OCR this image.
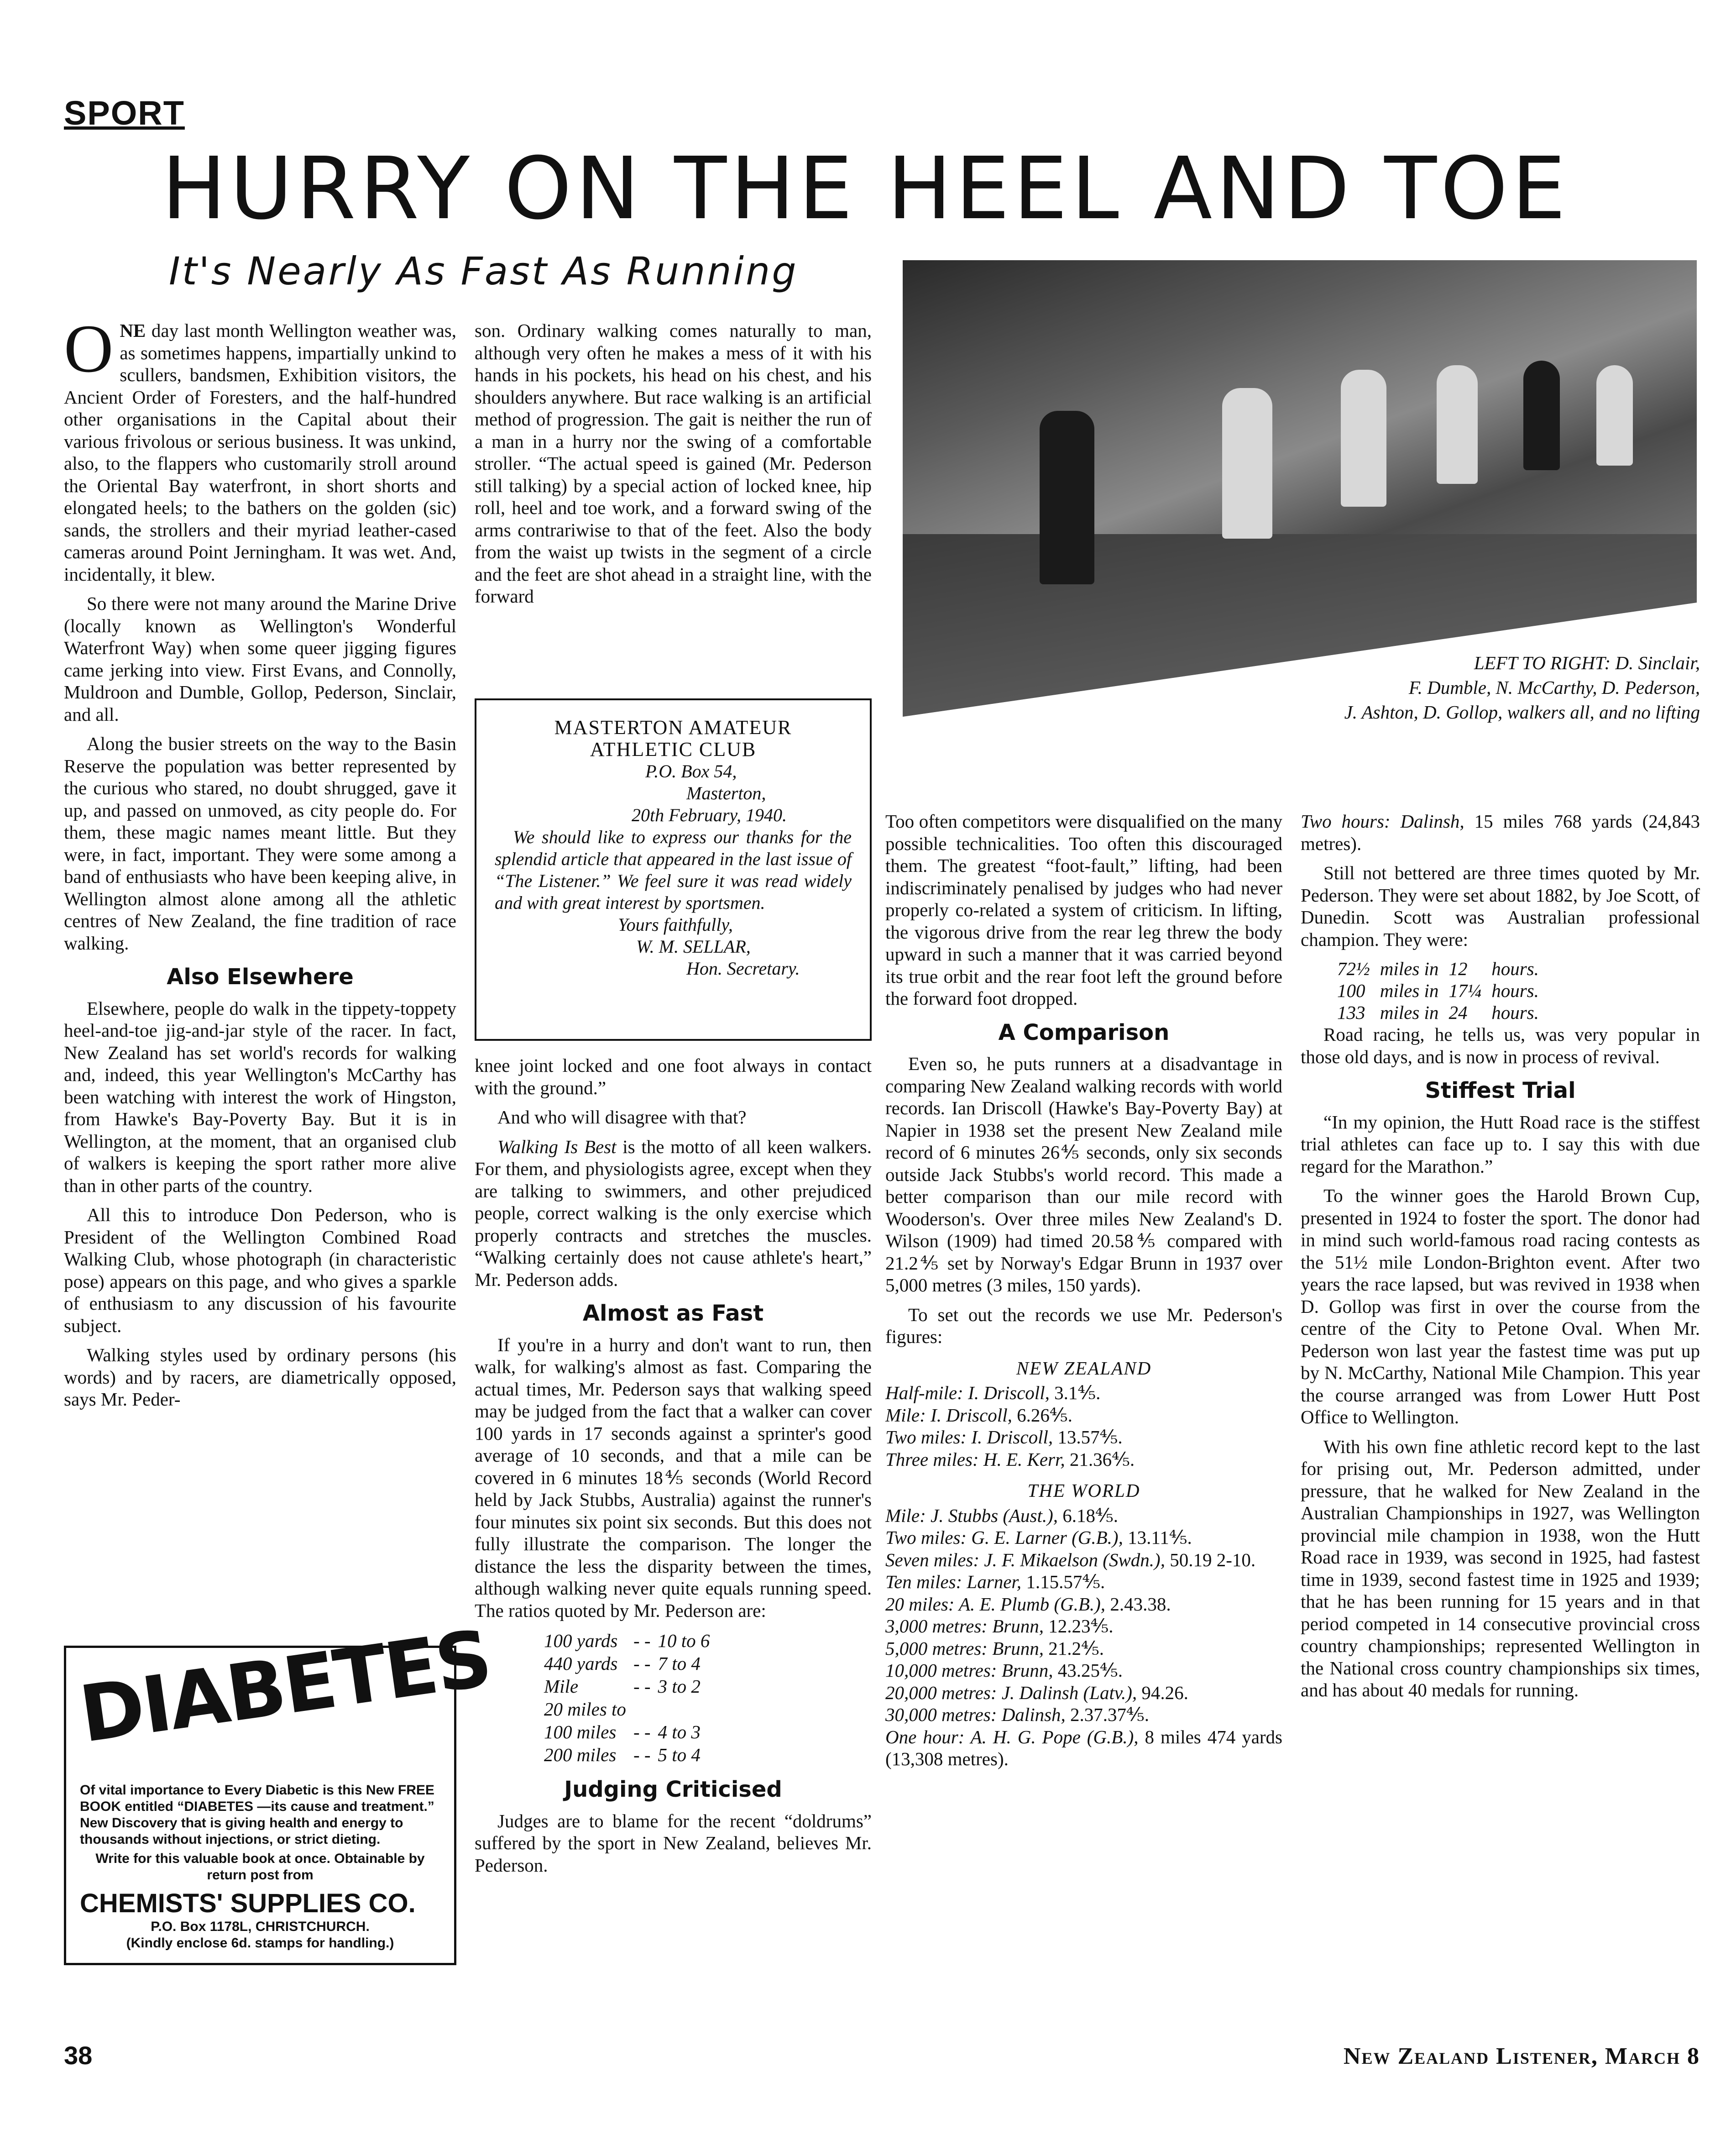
SPORT
HURRY ON THE HEEL AND TOE
It's Nearly As Fast As Running

ONE day last month Wellington weather was, as sometimes happens, impartially unkind to scullers, bandsmen, Exhibition visitors, the Ancient Order of Foresters, and the half-hundred other organisations in the Capital about their various frivolous or serious business. It was unkind, also, to the flappers who customarily stroll around the Oriental Bay waterfront, in short shorts and elongated heels; to the bathers on the golden (sic) sands, the strollers and their myriad leather-cased cameras around Point Jerningham. It was wet. And, incidentally, it blew.

So there were not many around the Marine Drive (locally known as Wellington's Wonderful Waterfront Way) when some queer jigging figures came jerking into view. First Evans, and Connolly, Muldroon and Dumble, Gollop, Pederson, Sinclair, and all.

Along the busier streets on the way to the Basin Reserve the population was better represented by the curious who stared, no doubt shrugged, gave it up, and passed on unmoved, as city people do. For them, these magic names meant little. But they were, in fact, important. They were some among a band of enthusiasts who have been keeping alive, in Wellington almost alone among all the athletic centres of New Zealand, the fine tradition of race walking.

Also Elsewhere

Elsewhere, people do walk in the tippety-toppety heel-and-toe jig-and-jar style of the racer. In fact, New Zealand has set world's records for walking and, indeed, this year Wellington's McCarthy has been watching with interest the work of Hingston, from Hawke's Bay-Poverty Bay. But it is in Wellington, at the moment, that an organised club of walkers is keeping the sport rather more alive than in other parts of the country.

All this to introduce Don Pederson, who is President of the Wellington Combined Road Walking Club, whose photograph (in characteristic pose) appears on this page, and who gives a sparkle of enthusiasm to any discussion of his favourite subject.

Walking styles used by ordinary persons (his words) and by racers, are diametrically opposed, says Mr. Peder-

son. Ordinary walking comes naturally to man, although very often he makes a mess of it with his hands in his pockets, his head on his chest, and his shoulders anywhere. But race walking is an artificial method of progression. The gait is neither the run of a man in a hurry nor the swing of a comfortable stroller. “The actual speed is gained (Mr. Pederson still talking) by a special action of locked knee, hip roll, heel and toe work, and a forward swing of the arms contrariwise to that of the feet. Also the body from the waist up twists in the segment of a circle and the feet are shot ahead in a straight line, with the forward

MASTERTON AMATEUR
ATHLETIC CLUB
P.O. Box 54,
Masterton,
20th February, 1940.
We should like to express our thanks for the splendid article that appeared in the last issue of “The Listener.” We feel sure it was read widely and with great interest by sportsmen.
Yours faithfully,
W. M. SELLAR,
Hon. Secretary.

knee joint locked and one foot always in contact with the ground.”

And who will disagree with that?

Walking Is Best is the motto of all keen walkers. For them, and physiologists agree, except when they are talking to swimmers, and other prejudiced people, correct walking is the only exercise which properly contracts and stretches the muscles. “Walking certainly does not cause athlete's heart,” Mr. Pederson adds.

Almost as Fast

If you're in a hurry and don't want to run, then walk, for walking's almost as fast. Comparing the actual times, Mr. Pederson says that walking speed may be judged from the fact that a walker can cover 100 yards in 17 seconds against a sprinter's good average of 10 seconds, and that a mile can be covered in 6 minutes 18⅘ seconds (World Record held by Jack Stubbs, Australia) against the runner's four minutes six point six seconds. But this does not fully illustrate the comparison. The longer the distance the less the disparity between the times, although walking never quite equals running speed. The ratios quoted by Mr. Pederson are:

100 yards	- -	10 to 6
440 yards	- -	7 to 4
Mile	- -	3 to 2
20 miles to		
100 miles	- -	4 to 3
200 miles	- -	5 to 4
Judging Criticised

Judges are to blame for the recent “doldrums” suffered by the sport in New Zealand, believes Mr. Pederson.

LEFT TO RIGHT: D. Sinclair,
F. Dumble, N. McCarthy, D. Pederson,
J. Ashton, D. Gollop, walkers all, and no lifting

Too often competitors were disqualified on the many possible technicalities. Too often this discouraged them. The greatest “foot-fault,” lifting, had been indiscriminately penalised by judges who had never properly co-related a system of criticism. In lifting, the vigorous drive from the rear leg threw the body upward in such a manner that it was carried beyond its true orbit and the rear foot left the ground before the forward foot dropped.

A Comparison

Even so, he puts runners at a disadvantage in comparing New Zealand walking records with world records. Ian Driscoll (Hawke's Bay-Poverty Bay) at Napier in 1938 set the present New Zealand mile record of 6 minutes 26⅘ seconds, only six seconds outside Jack Stubbs's world record. This made a better comparison than our mile record with Wooderson's. Over three miles New Zealand's D. Wilson (1909) had timed 20.58⅘ compared with 21.2⅘ set by Norway's Edgar Brunn in 1937 over 5,000 metres (3 miles, 150 yards).

To set out the records we use Mr. Pederson's figures:

NEW ZEALAND
Half-mile: I. Driscoll, 3.1⅘.
Mile: I. Driscoll, 6.26⅘.
Two miles: I. Driscoll, 13.57⅘.
Three miles: H. E. Kerr, 21.36⅘.
THE WORLD
Mile: J. Stubbs (Aust.), 6.18⅘.
Two miles: G. E. Larner (G.B.), 13.11⅘.
Seven miles: J. F. Mikaelson (Swdn.), 50.19 2-10.
Ten miles: Larner, 1.15.57⅘.
20 miles: A. E. Plumb (G.B.), 2.43.38.
3,000 metres: Brunn, 12.23⅘.
5,000 metres: Brunn, 21.2⅘.
10,000 metres: Brunn, 43.25⅘.
20,000 metres: J. Dalinsh (Latv.), 94.26.
30,000 metres: Dalinsh, 2.37.37⅘.
One hour: A. H. G. Pope (G.B.), 8 miles 474 yards (13,308 metres).

Two hours: Dalinsh, 15 miles 768 yards (24,843 metres).

Still not bettered are three times quoted by Mr. Pederson. They were set about 1882, by Joe Scott, of Dunedin. Scott was Australian professional champion. They were:

72½	miles in	12	hours.
100	miles in	17¼	hours.
133	miles in	24	hours.

Road racing, he tells us, was very popular in those old days, and is now in process of revival.

Stiffest Trial

“In my opinion, the Hutt Road race is the stiffest trial athletes can face up to. I say this with due regard for the Marathon.”

To the winner goes the Harold Brown Cup, presented in 1924 to foster the sport. The donor had in mind such world-famous road racing contests as the 51½ mile London-Brighton event. After two years the race lapsed, but was revived in 1938 when D. Gollop was first in over the course from the centre of the City to Petone Oval. When Mr. Pederson won last year the fastest time was put up by N. McCarthy, National Mile Champion. This year the course arranged was from Lower Hutt Post Office to Wellington.

With his own fine athletic record kept to the last for prising out, Mr. Pederson admitted, under pressure, that he walked for New Zealand in the Australian Championships in 1927, was Wellington provincial mile champion in 1938, won the Hutt Road race in 1939, was second in 1925, had fastest time in 1939, second fastest time in 1925 and 1939; that he has been running for 15 years and in that period competed in 14 consecutive provincial cross country championships; represented Wellington in the National cross country championships six times, and has about 40 medals for running.

DIABETES
Of vital importance to Every Diabetic is this New FREE BOOK entitled “DIABETES —its cause and treatment.” New Discovery that is giving health and energy to thousands without injections, or strict dieting.
Write for this valuable book at once. Obtainable by return post from
CHEMISTS' SUPPLIES CO.
P.O. Box 1178L, CHRISTCHURCH.
(Kindly enclose 6d. stamps for handling.)
38	New Zealand Listener, March 8
